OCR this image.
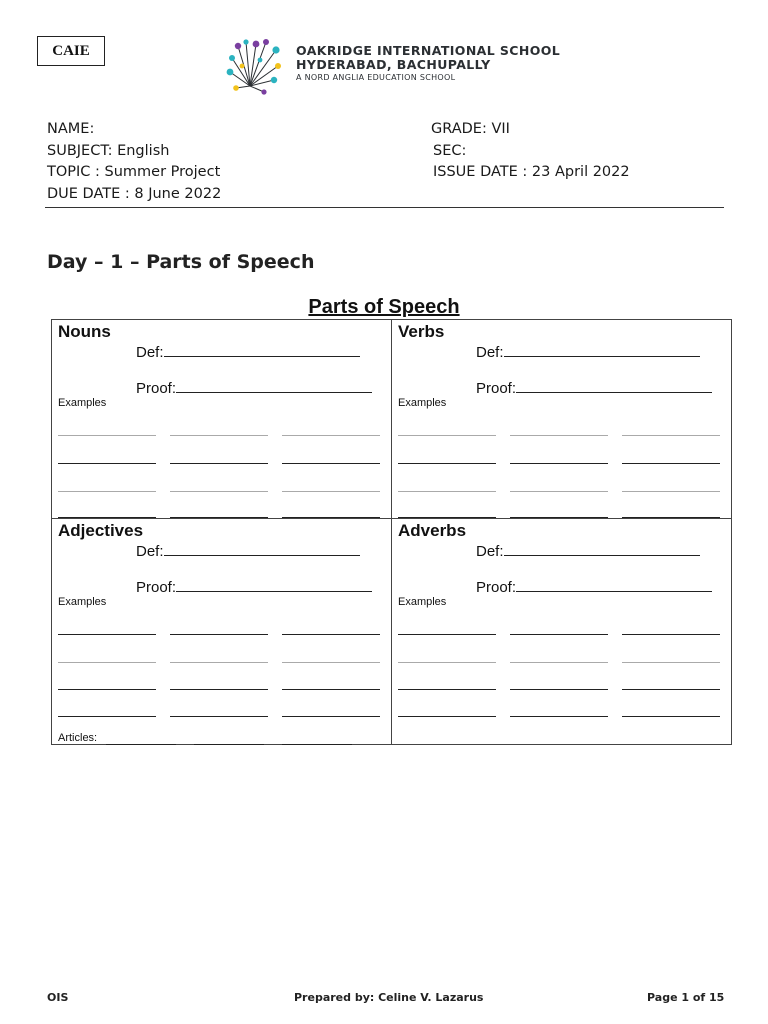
CAIE	OAKRIDGE INTERNATIONAL SCHOOL
HYDERABAD, BACHUPALLY
A NORD ANGLIA EDUCATION SCHOOL
NAME:
SUBJECT: English
TOPIC : Summer Project
DUE DATE : 8 June 2022
GRADE: VII
SEC:
ISSUE DATE : 23 April 2022
Day – 1 – Parts of Speech
Parts of Speech
Nouns
Def:
Proof:
Examples
Verbs
Def:
Proof:
Examples
Adjectives
Def:
Proof:
Examples
Adverbs
Def:
Proof:
Examples
Articles:
OIS	Prepared by: Celine V. Lazarus	Page 1 of 15
